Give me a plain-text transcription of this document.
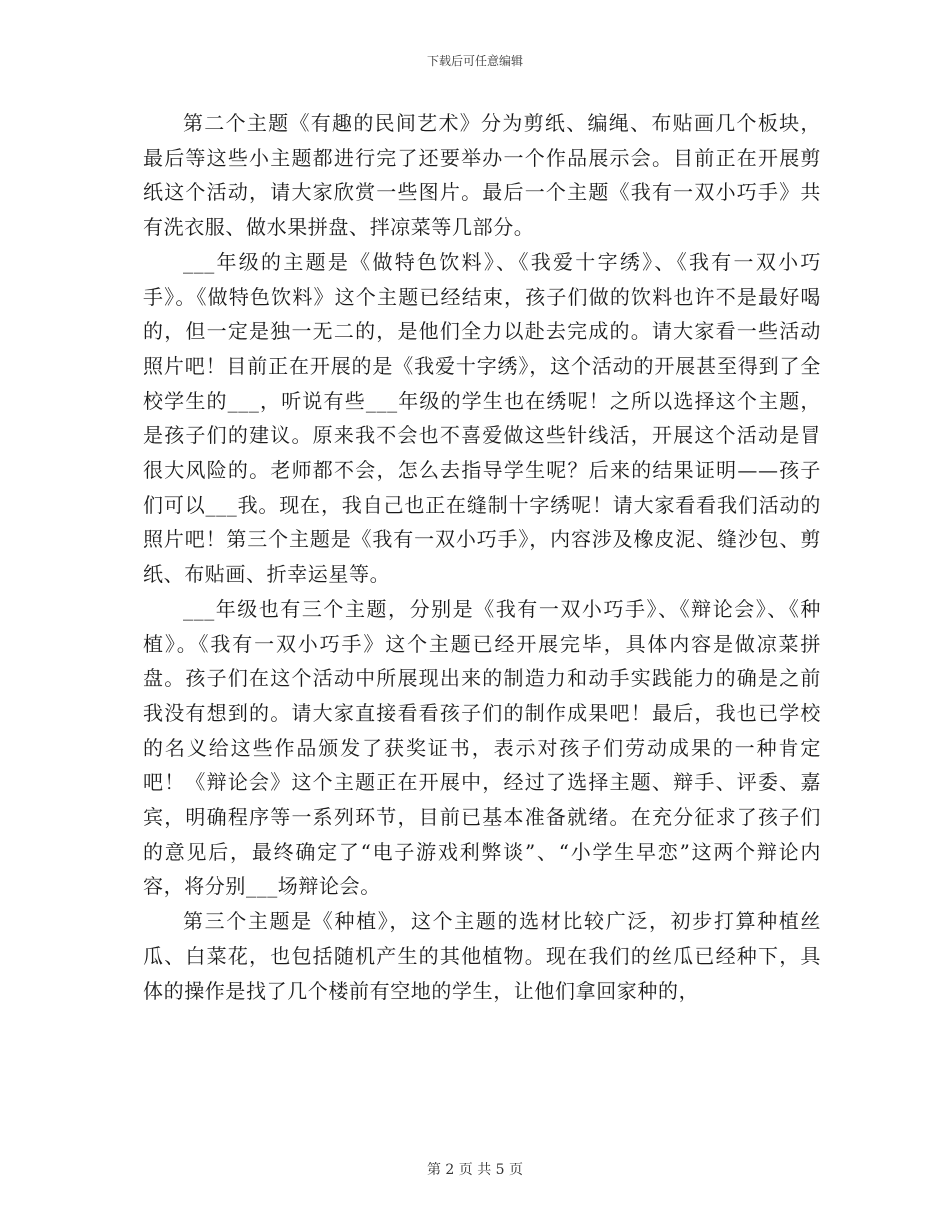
下载后可任意编辑

第二个主题《有趣的民间艺术》分为剪纸、编绳、布贴画几个板块，最后等这些小主题都进行完了还要举办一个作品展示会。目前正在开展剪纸这个活动，请大家欣赏一些图片。最后一个主题《我有一双小巧手》共有洗衣服、做水果拼盘、拌凉菜等几部分。

___年级的主题是《做特色饮料》、《我爱十字绣》、《我有一双小巧手》。《做特色饮料》这个主题已经结束，孩子们做的饮料也许不是最好喝的，但一定是独一无二的，是他们全力以赴去完成的。请大家看一些活动照片吧！目前正在开展的是《我爱十字绣》，这个活动的开展甚至得到了全校学生的___，听说有些___年级的学生也在绣呢！之所以选择这个主题，是孩子们的建议。原来我不会也不喜爱做这些针线活，开展这个活动是冒很大风险的。老师都不会，怎么去指导学生呢？后来的结果证明——孩子们可以___我。现在，我自己也正在缝制十字绣呢！请大家看看我们活动的照片吧！第三个主题是《我有一双小巧手》，内容涉及橡皮泥、缝沙包、剪纸、布贴画、折幸运星等。

___年级也有三个主题，分别是《我有一双小巧手》、《辩论会》、《种植》。《我有一双小巧手》这个主题已经开展完毕，具体内容是做凉菜拼盘。孩子们在这个活动中所展现出来的制造力和动手实践能力的确是之前我没有想到的。请大家直接看看孩子们的制作成果吧！最后，我也已学校的名义给这些作品颁发了获奖证书，表示对孩子们劳动成果的一种肯定吧！《辩论会》这个主题正在开展中，经过了选择主题、辩手、评委、嘉宾，明确程序等一系列环节，目前已基本准备就绪。在充分征求了孩子们的意见后，最终确定了“电子游戏利弊谈”、“小学生早恋”这两个辩论内容，将分别___场辩论会。

第三个主题是《种植》，这个主题的选材比较广泛，初步打算种植丝瓜、白菜花，也包括随机产生的其他植物。现在我们的丝瓜已经种下，具体的操作是找了几个楼前有空地的学生，让他们拿回家种的，

第 2 页 共 5 页
